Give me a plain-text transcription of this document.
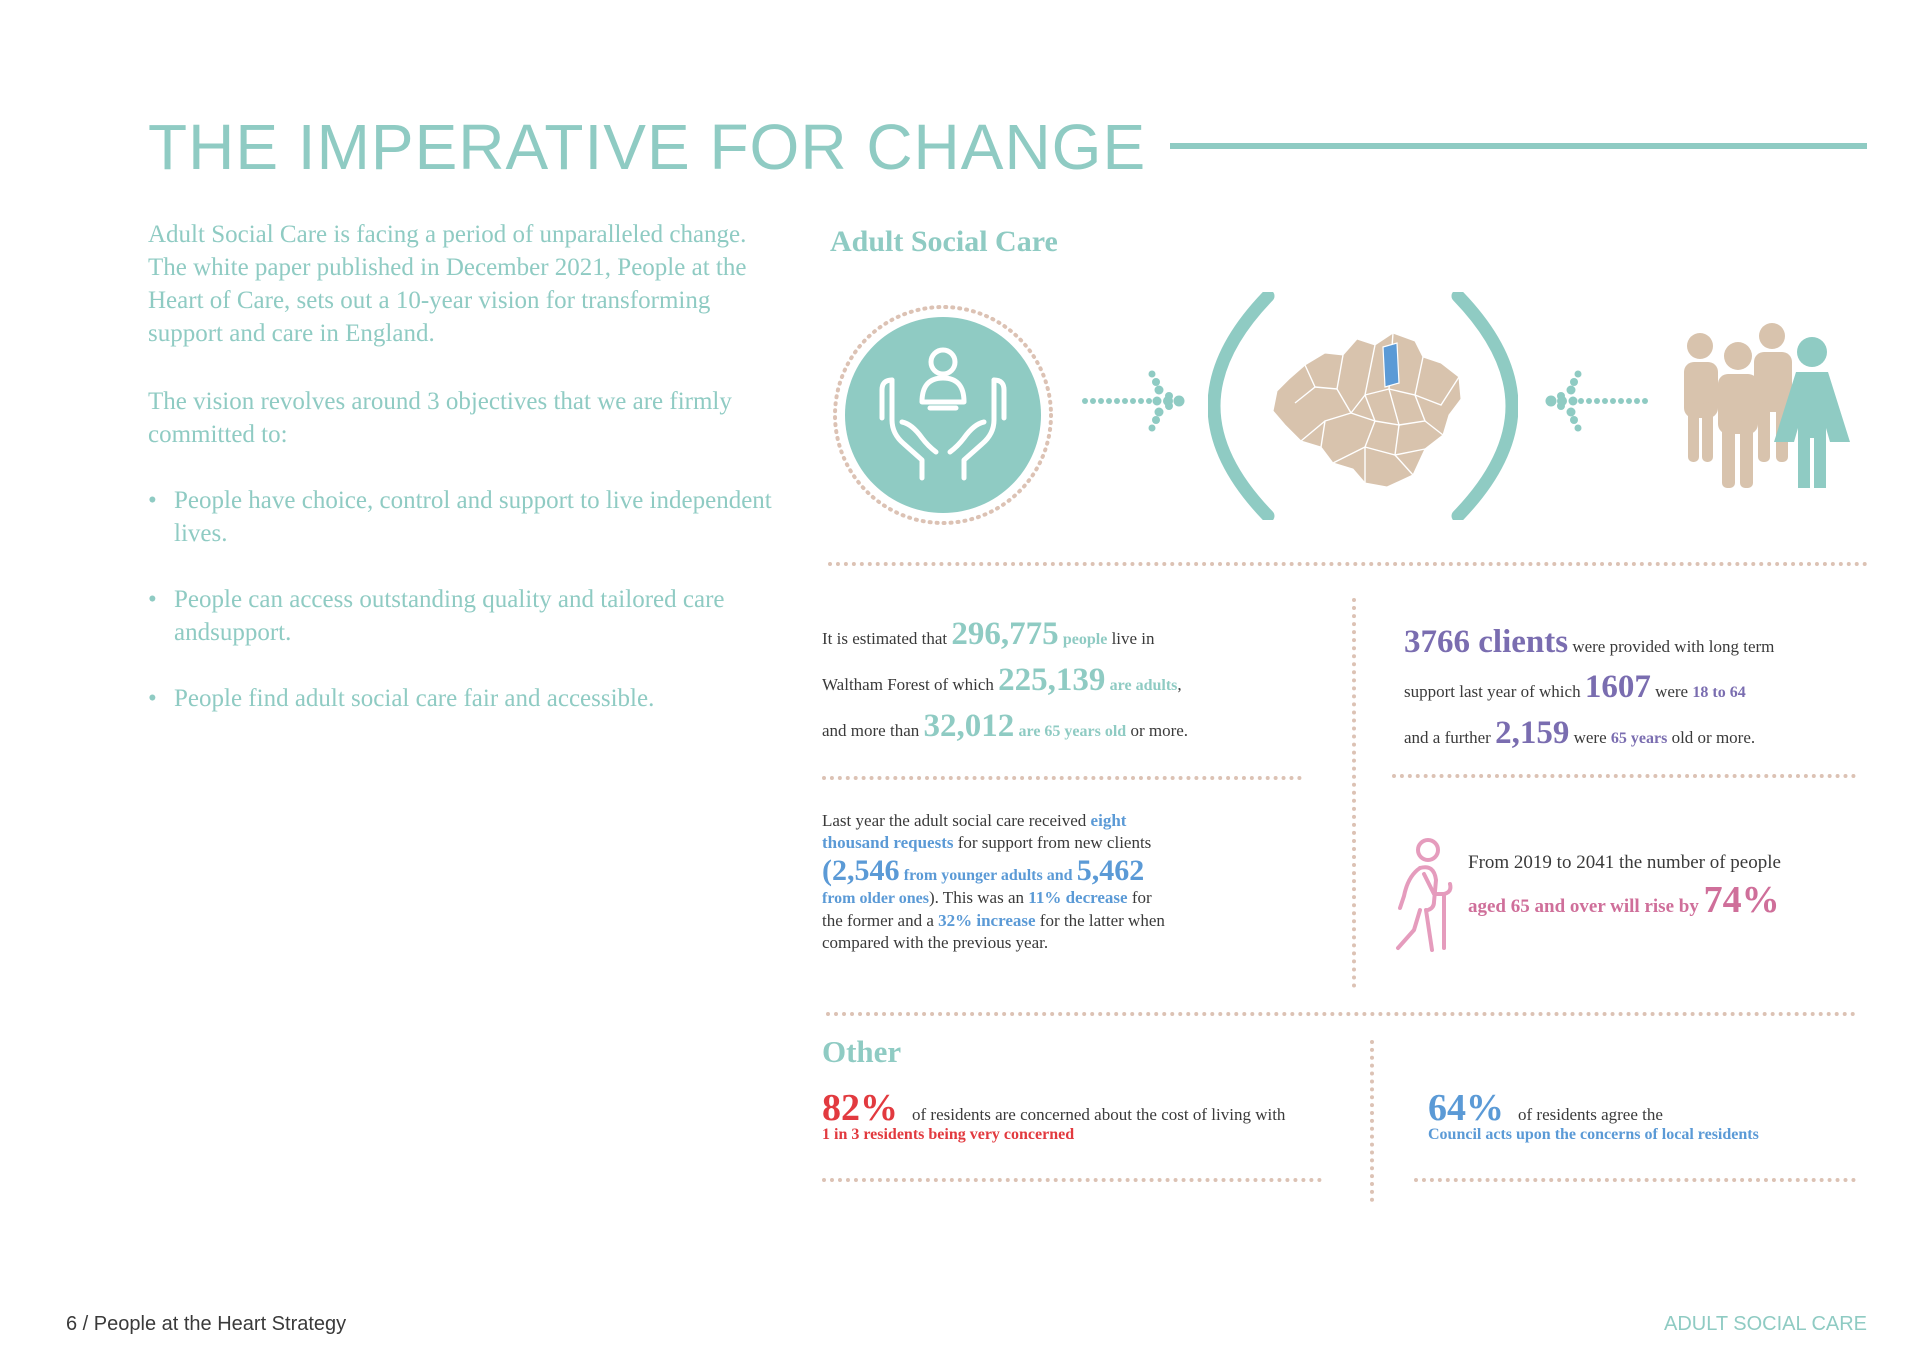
THE IMPERATIVE FOR CHANGE
Adult Social Care is facing a period of unparalleled change. The white paper published in December 2021, People at the Heart of Care, sets out a 10-year vision for transforming support and care in England.
The vision revolves around 3 objectives that we are firmly committed to:
• People have choice, control and support to live independent lives.
• People can access outstanding quality and tailored care andsupport.
• People find adult social care fair and accessible.
Adult Social Care
It is estimated that 296,775 people live in
Waltham Forest of which 225,139 are adults,
and more than 32,012 are 65 years old or more.
3766 clients were provided with long term
support last year of which 1607 were 18 to 64
and a further 2,159 were 65 years old or more.
Last year the adult social care received eight
thousand requests for support from new clients
(2,546 from younger adults and 5,462
from older ones). This was an 11% decrease for
the former and a 32% increase for the latter when
compared with the previous year.
From 2019 to 2041 the number of people
aged 65 and over will rise by 74%
Other
82% of residents are concerned about the cost of living with
1 in 3 residents being very concerned
64% of residents agree the
Council acts upon the concerns of local residents
6 / People at the Heart Strategy	ADULT SOCIAL CARE
